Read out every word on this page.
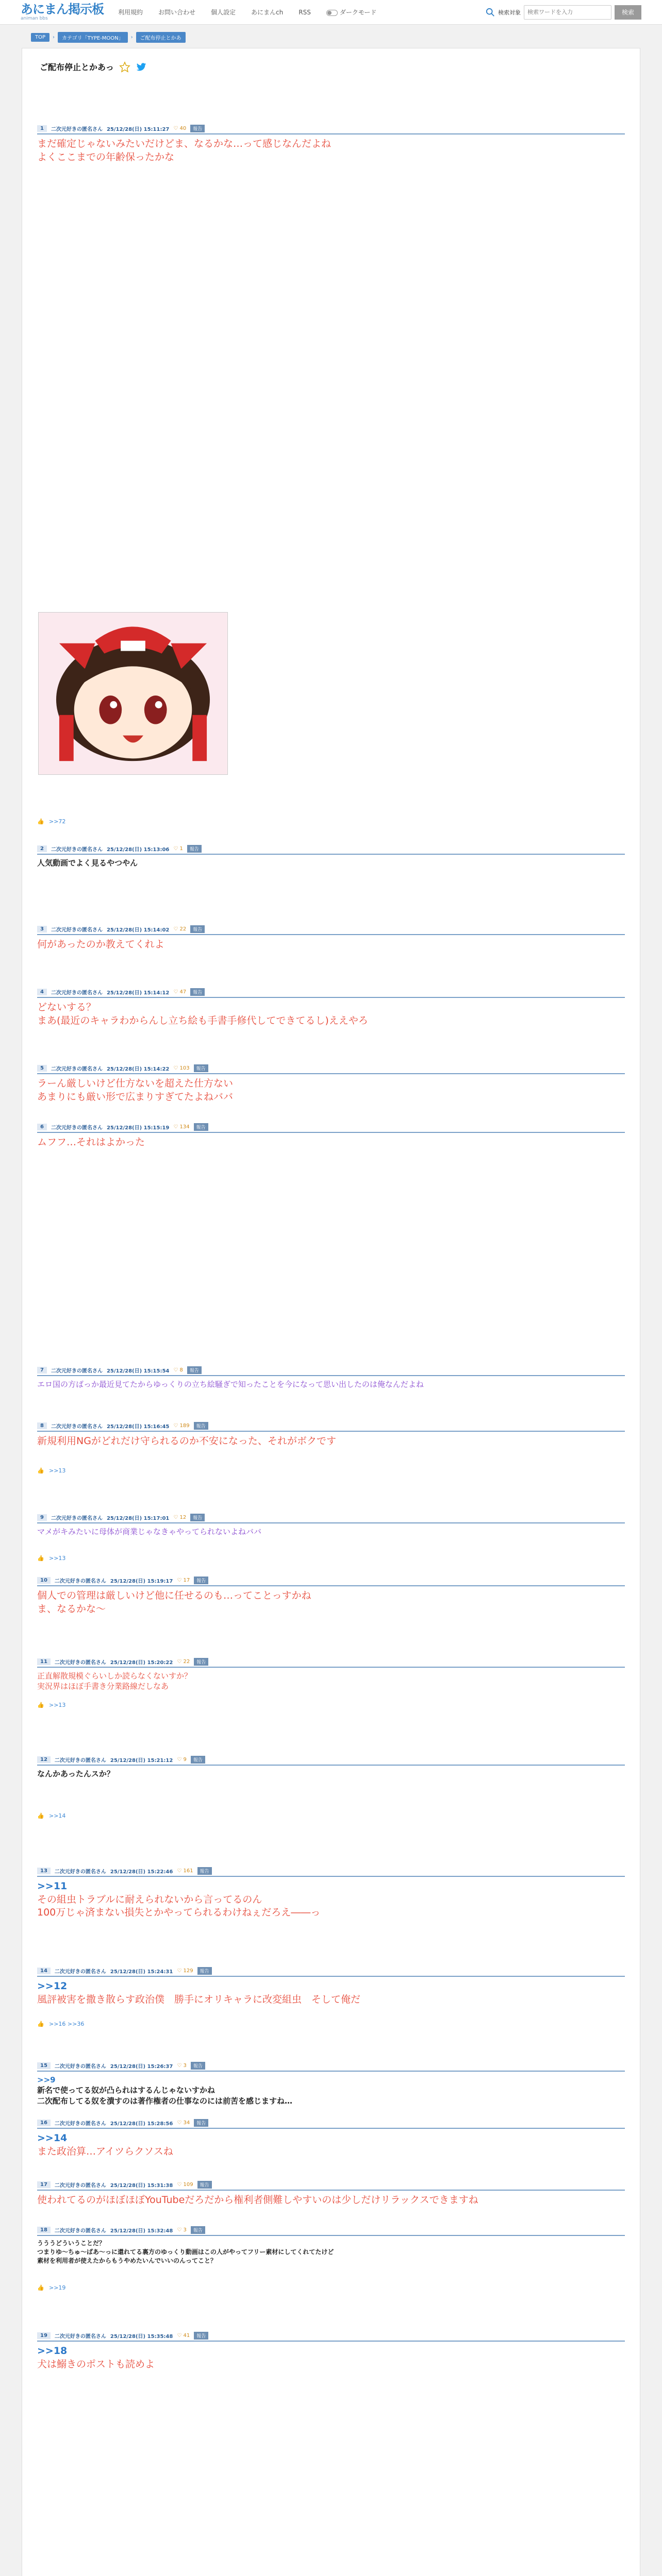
あにまん掲示板
animan bbs
利用規約	お問い合わせ	個人設定	あにまんch	RSS	ダークモード	検索対象
検索ワードを入力	検索
TOP	›	カテゴリ「TYPE-MOON」	›	ご配布停止とかあ
ご配布停止とかあっ
1	二次元好きの匿名さん 25/12/28(日) 15:11:27 ♡ 40	報告
まだ確定じゃないみたいだけどま、なるかな…って感じなんだよね
よくここまでの年齢保ったかな
👍 >>72
2	二次元好きの匿名さん 25/12/28(日) 15:13:06 ♡ 1	報告
人気動画でよく見るやつやん
3	二次元好きの匿名さん 25/12/28(日) 15:14:02 ♡ 22	報告
何があったのか教えてくれよ
4	二次元好きの匿名さん 25/12/28(日) 15:14:12 ♡ 47	報告
どないする？
まあ(最近のキャラわからんし立ち絵も手書手修代してできてるし)ええやろ
5	二次元好きの匿名さん 25/12/28(日) 15:14:22 ♡ 103	報告
ラーん厳しいけど仕方ないを超えた仕方ない
あまりにも厳い形で広まりすぎてたよねババ
6	二次元好きの匿名さん 25/12/28(日) 15:15:19 ♡ 134	報告
ムフフ…それはよかった
7	二次元好きの匿名さん 25/12/28(日) 15:15:54 ♡ 8	報告
エロ国の方ばっか最近見てたからゆっくりの立ち絵騒ぎで知ったことを今になって思い出したのは俺なんだよね
8	二次元好きの匿名さん 25/12/28(日) 15:16:45 ♡ 189	報告
新規利用NGがどれだけ守られるのか不安になった、それがボクです
👍 >>13
9	二次元好きの匿名さん 25/12/28(日) 15:17:01 ♡ 12	報告
マメがキみたいに母体が商業じゃなきゃやってられないよねババ
👍 >>13
10	二次元好きの匿名さん 25/12/28(日) 15:19:17 ♡ 17	報告
個人での管理は厳しいけど他に任せるのも…ってことっすかね
ま、なるかな〜
11	二次元好きの匿名さん 25/12/28(日) 15:20:22 ♡ 22	報告
正直解散規模ぐらいしか読らなくないすか？
実況界はほぼ手書き分業路線だしなあ
👍 >>13
12	二次元好きの匿名さん 25/12/28(日) 15:21:12 ♡ 9	報告
なんかあったんスか？
👍 >>14
13	二次元好きの匿名さん 25/12/28(日) 15:22:46 ♡ 161	報告
>>11
その組虫トラブルに耐えられないから言ってるのん
100万じゃ済まない損失とかやってられるわけねぇだろえ――っ
14	二次元好きの匿名さん 25/12/28(日) 15:24:31 ♡ 129	報告
>>12
風評被害を撒き散らす政治僕　勝手にオリキャラに改変組虫　そして俺だ
👍 >>16 >>36
15	二次元好きの匿名さん 25/12/28(日) 15:26:37 ♡ 3	報告
>>9
新名で使ってる奴が凸られはするんじゃないすかね
二次配布してる奴を潰すのは著作権者の仕事なのには前苦を感じますね…
16	二次元好きの匿名さん 25/12/28(日) 15:28:56 ♡ 34	報告
>>14
また政治算…アイツらクソスね
17	二次元好きの匿名さん 25/12/28(日) 15:31:38 ♡ 109	報告
使われてるのがほぼほぼYouTubeだろだから権利者側難しやすいのは少しだけリラックスできますね
18	二次元好きの匿名さん 25/12/28(日) 15:32:48 ♡ 3	報告
うううどういうことだ？
つまりゆ〜ちゅ〜ばあ〜っに還れてる裏方のゆっくり動画はこの人がやってフリー素材にしてくれてたけど
素材を利用者が使えたからもうやめたいんでいいのんってこと？
👍 >>19
19	二次元好きの匿名さん 25/12/28(日) 15:35:48 ♡ 41	報告
>>18
犬は鰯きのポストも読めよ
